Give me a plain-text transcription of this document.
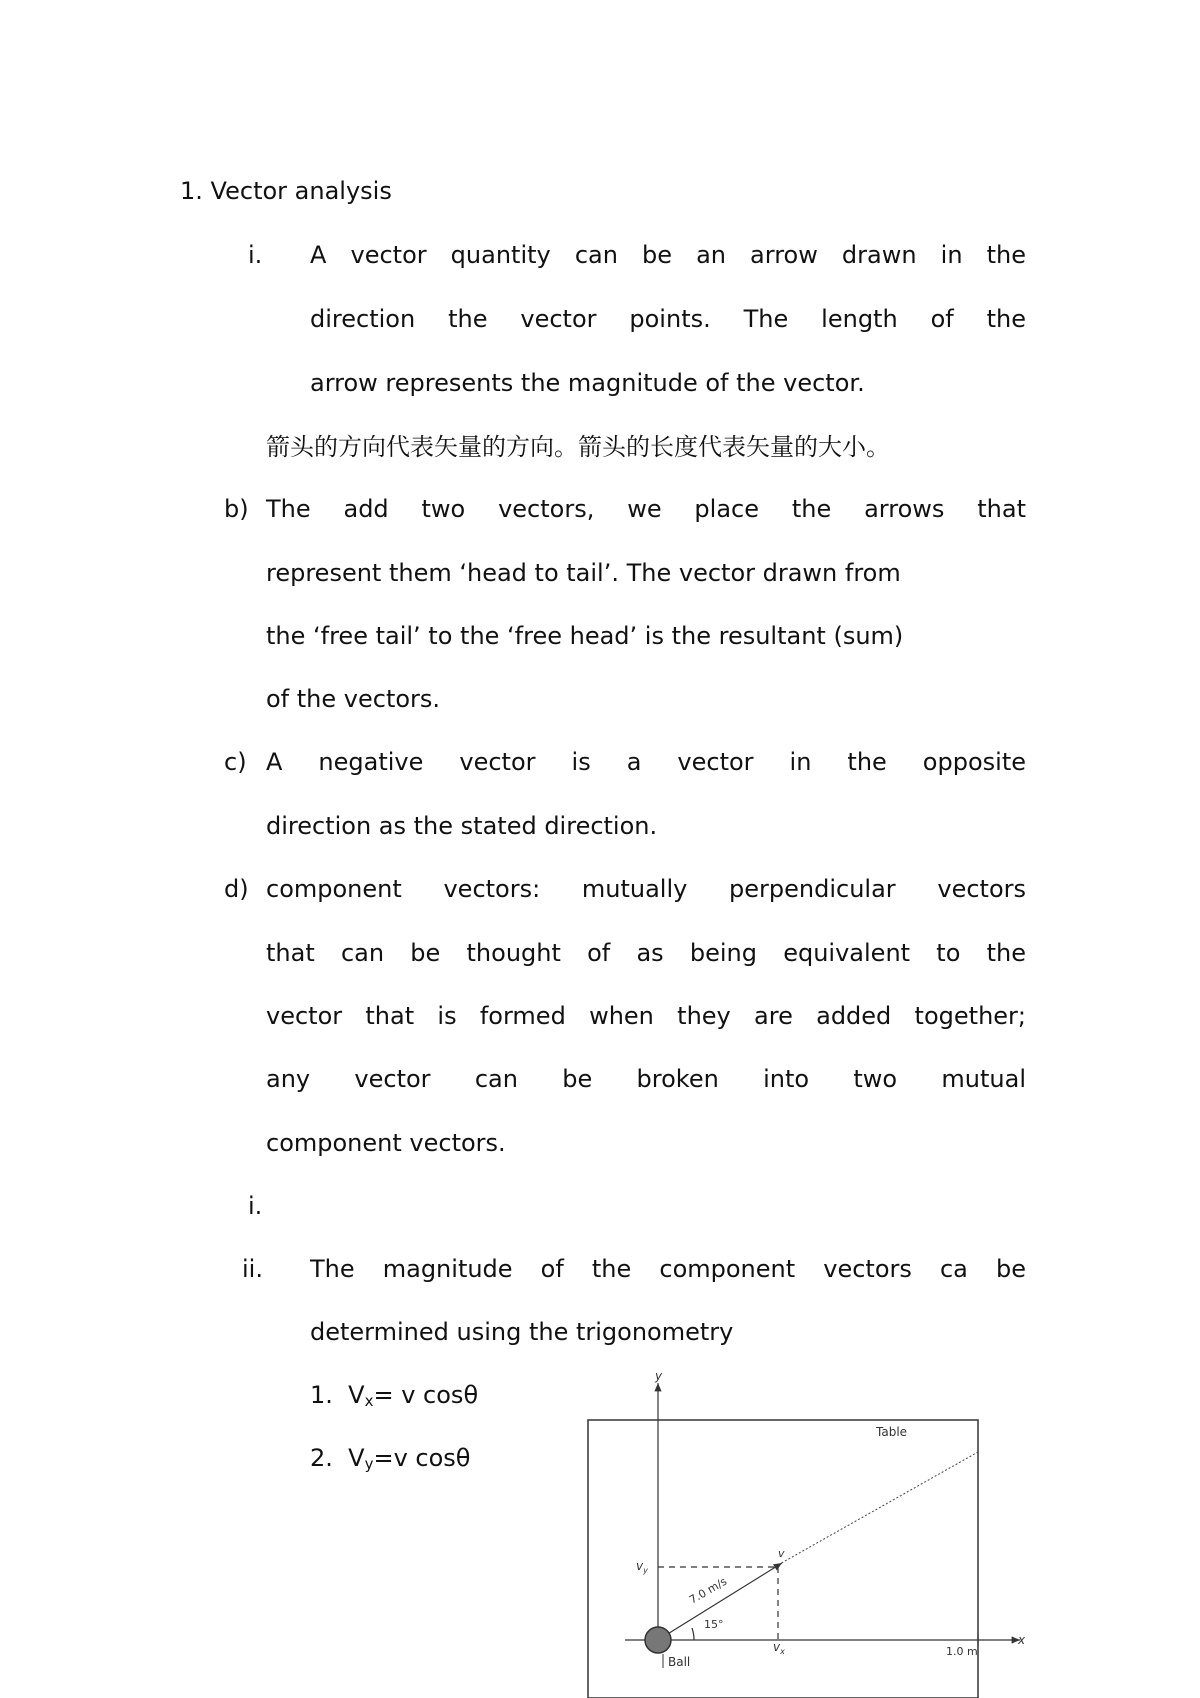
1. Vector analysis
i. A vector quantity can be an arrow drawn in the
direction the vector points. The length of the
arrow represents the magnitude of the vector.
箭头的方向代表矢量的方向。箭头的长度代表矢量的大小。
b) The add two vectors, we place the arrows that
represent them ‘head to tail’. The vector drawn from
the ‘free tail’ to the ‘free head’ is the resultant (sum)
of the vectors.
c) A negative vector is a vector in the opposite
direction as the stated direction.
d) component vectors: mutually perpendicular vectors
that can be thought of as being equivalent to the
vector that is formed when they are added together;
any vector can be broken into two mutual
component vectors.
i.
ii. The magnitude of the component vectors ca be
determined using the trigonometry
1. $V_x= v$ cosθ
2. $V_y=v$ cosθ
y
x
Table
$v_y$
$v_x$
v
7.0 m/s
15°
Ball
1.0 m
